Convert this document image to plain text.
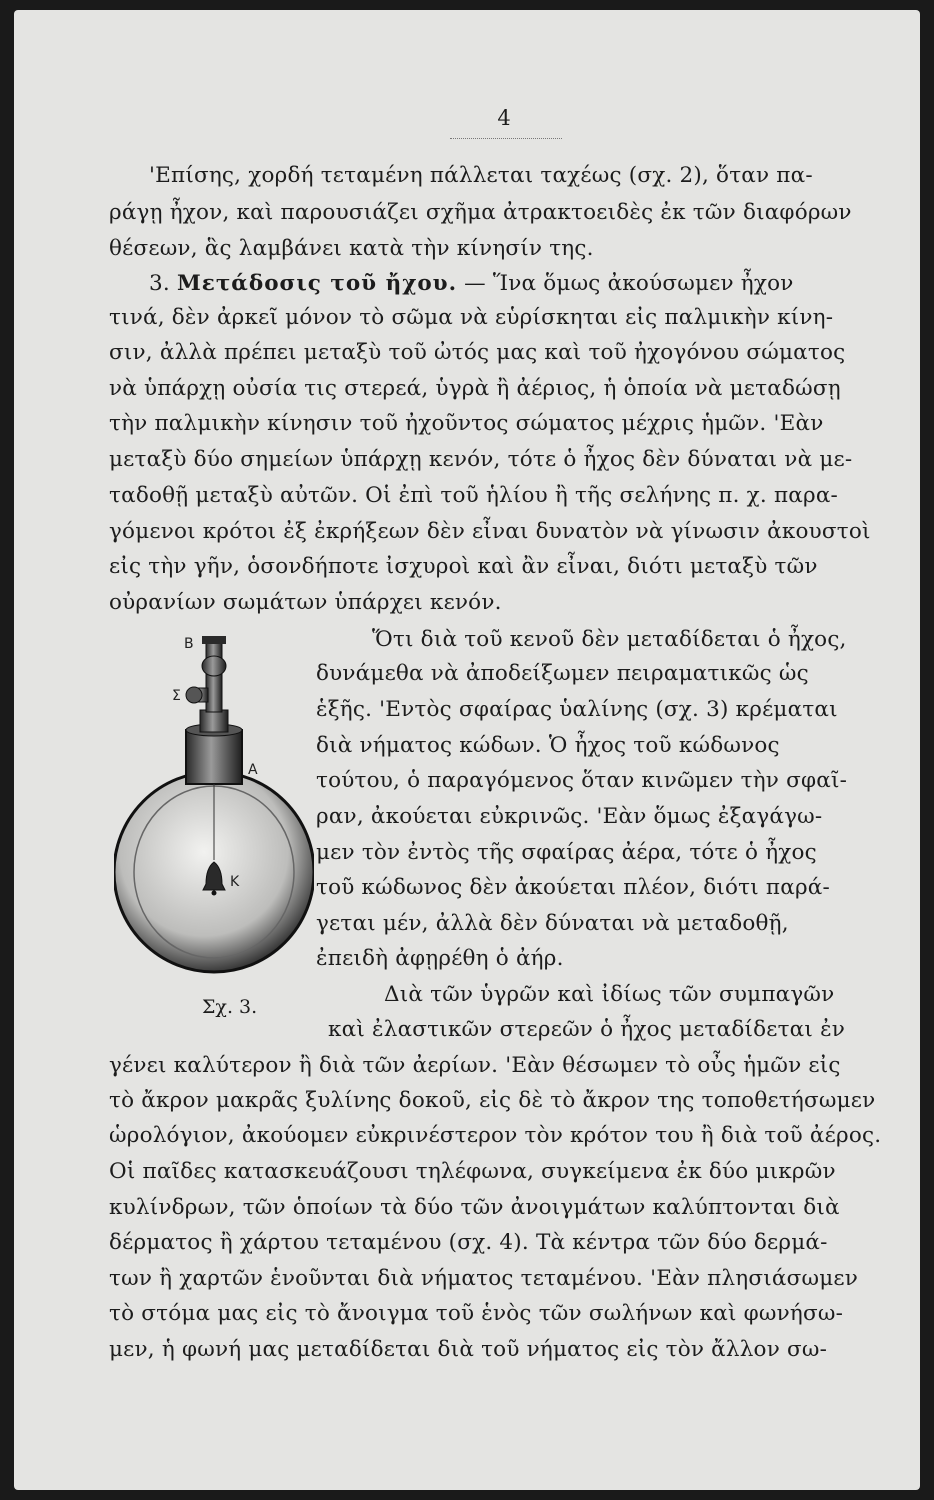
4
'Επίσης, χορδή τεταμένη πάλλεται ταχέως (σχ. 2), ὅταν πα-
ράγῃ ἦχον, καὶ παρουσιάζει σχῆμα ἀτρακτοειδὲς ἐκ τῶν διαφόρων
θέσεων, ἃς λαμβάνει κατὰ τὴν κίνησίν της.
3. Μετάδοσις τοῦ ἤχου. — Ἵνα ὅμως ἀκούσωμεν ἦχον
τινά, δὲν ἀρκεῖ μόνον τὸ σῶμα νὰ εὑρίσκηται εἰς παλμικὴν κίνη-
σιν, ἀλλὰ πρέπει μεταξὺ τοῦ ὠτός μας καὶ τοῦ ἠχογόνου σώματος
νὰ ὑπάρχῃ οὐσία τις στερεά, ὑγρὰ ἢ ἀέριος, ἡ ὁποία νὰ μεταδώσῃ
τὴν παλμικὴν κίνησιν τοῦ ἠχοῦντος σώματος μέχρις ἡμῶν. 'Εὰν
μεταξὺ δύο σημείων ὑπάρχῃ κενόν, τότε ὁ ἦχος δὲν δύναται νὰ με-
ταδοθῇ μεταξὺ αὐτῶν. Οἱ ἐπὶ τοῦ ἡλίου ἢ τῆς σελήνης π. χ. παρα-
γόμενοι κρότοι ἐξ ἐκρήξεων δὲν εἶναι δυνατὸν νὰ γίνωσιν ἀκουστοὶ
εἰς τὴν γῆν, ὁσονδήποτε ἰσχυροὶ καὶ ἂν εἶναι, διότι μεταξὺ τῶν
οὐρανίων σωμάτων ὑπάρχει κενόν.
Ὅτι διὰ τοῦ κενοῦ δὲν μεταδίδεται ὁ ἦχος,
δυνάμεθα νὰ ἀποδείξωμεν πειραματικῶς ὡς
ἑξῆς. 'Εντὸς σφαίρας ὑαλίνης (σχ. 3) κρέμαται
διὰ νήματος κώδων. Ὁ ἦχος τοῦ κώδωνος
τούτου, ὁ παραγόμενος ὅταν κινῶμεν τὴν σφαῖ-
ραν, ἀκούεται εὐκρινῶς. 'Εὰν ὅμως ἐξαγάγω-
μεν τὸν ἐντὸς τῆς σφαίρας ἀέρα, τότε ὁ ἦχος
τοῦ κώδωνος δὲν ἀκούεται πλέον, διότι παρά-
γεται μέν, ἀλλὰ δὲν δύναται νὰ μεταδοθῇ,
ἐπειδὴ ἀφῃρέθη ὁ ἀήρ.
Διὰ τῶν ὑγρῶν καὶ ἰδίως τῶν συμπαγῶν
καὶ ἐλαστικῶν στερεῶν ὁ ἦχος μεταδίδεται ἐν
γένει καλύτερον ἢ διὰ τῶν ἀερίων. 'Εὰν θέσωμεν τὸ οὖς ἡμῶν εἰς
τὸ ἄκρον μακρᾶς ξυλίνης δοκοῦ, εἰς δὲ τὸ ἄκρον της τοποθετήσωμεν
ὡρολόγιον, ἀκούομεν εὐκρινέστερον τὸν κρότον του ἢ διὰ τοῦ ἀέρος.
Οἱ παῖδες κατασκευάζουσι τηλέφωνα, συγκείμενα ἐκ δύο μικρῶν
κυλίνδρων, τῶν ὁποίων τὰ δύο τῶν ἀνοιγμάτων καλύπτονται διὰ
δέρματος ἢ χάρτου τεταμένου (σχ. 4). Τὰ κέντρα τῶν δύο δερμά-
των ἢ χαρτῶν ἑνοῦνται διὰ νήματος τεταμένου. 'Εὰν πλησιάσωμεν
τὸ στόμα μας εἰς τὸ ἄνοιγμα τοῦ ἑνὸς τῶν σωλήνων καὶ φωνήσω-
μεν, ἡ φωνή μας μεταδίδεται διὰ τοῦ νήματος εἰς τὸν ἄλλον σω-
Β
Σ
Α
Κ
Σχ. 3.
